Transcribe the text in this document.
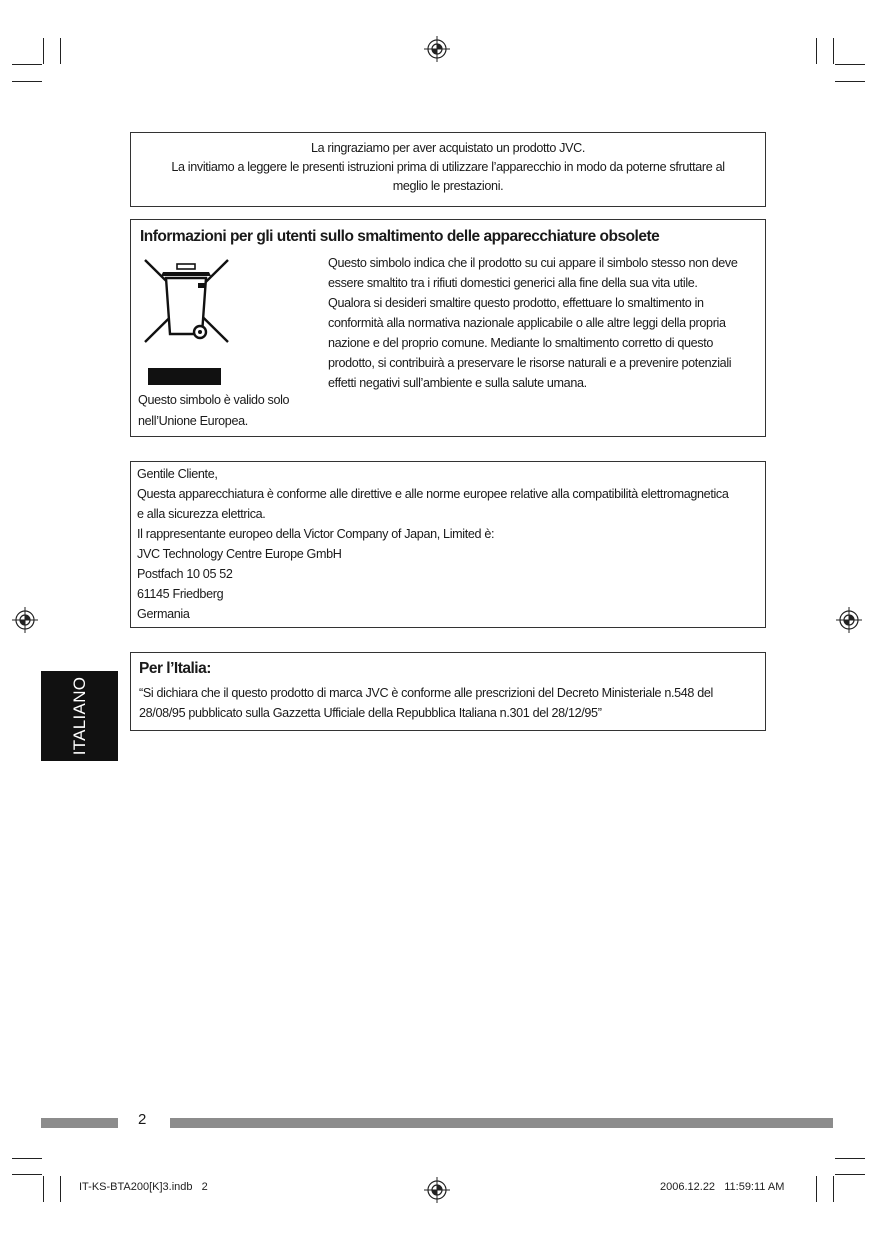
La ringraziamo per aver acquistato un prodotto JVC.
La invitiamo a leggere le presenti istruzioni prima di utilizzare l’apparecchio in modo da poterne sfruttare al
meglio le prestazioni.
Informazioni per gli utenti sullo smaltimento delle apparecchiature obsolete
Questo simbolo è valido solo
nell’Unione Europea.
Questo simbolo indica che il prodotto su cui appare il simbolo stesso non deve
essere smaltito tra i rifiuti domestici generici alla fine della sua vita utile.
Qualora si desideri smaltire questo prodotto, effettuare lo smaltimento in
conformità alla normativa nazionale applicabile o alle altre leggi della propria
nazione e del proprio comune. Mediante lo smaltimento corretto di questo
prodotto, si contribuirà a preservare le risorse naturali e a prevenire potenziali
effetti negativi sull’ambiente e sulla salute umana.
Gentile Cliente,
Questa apparecchiatura è conforme alle direttive e alle norme europee relative alla compatibilità elettromagnetica
e alla sicurezza elettrica.
Il rappresentante europeo della Victor Company of Japan, Limited è:
JVC Technology Centre Europe GmbH
Postfach 10 05 52
61145 Friedberg
Germania
Per l’Italia:
“Si dichiara che il questo prodotto di marca JVC è conforme alle prescrizioni del Decreto Ministeriale n.548 del
28/08/95 pubblicato sulla Gazzetta Ufficiale della Repubblica Italiana n.301 del 28/12/95”
ITALIANO
2
IT-KS-BTA200[K]3.indb   2	2006.12.22   11:59:11 AM
